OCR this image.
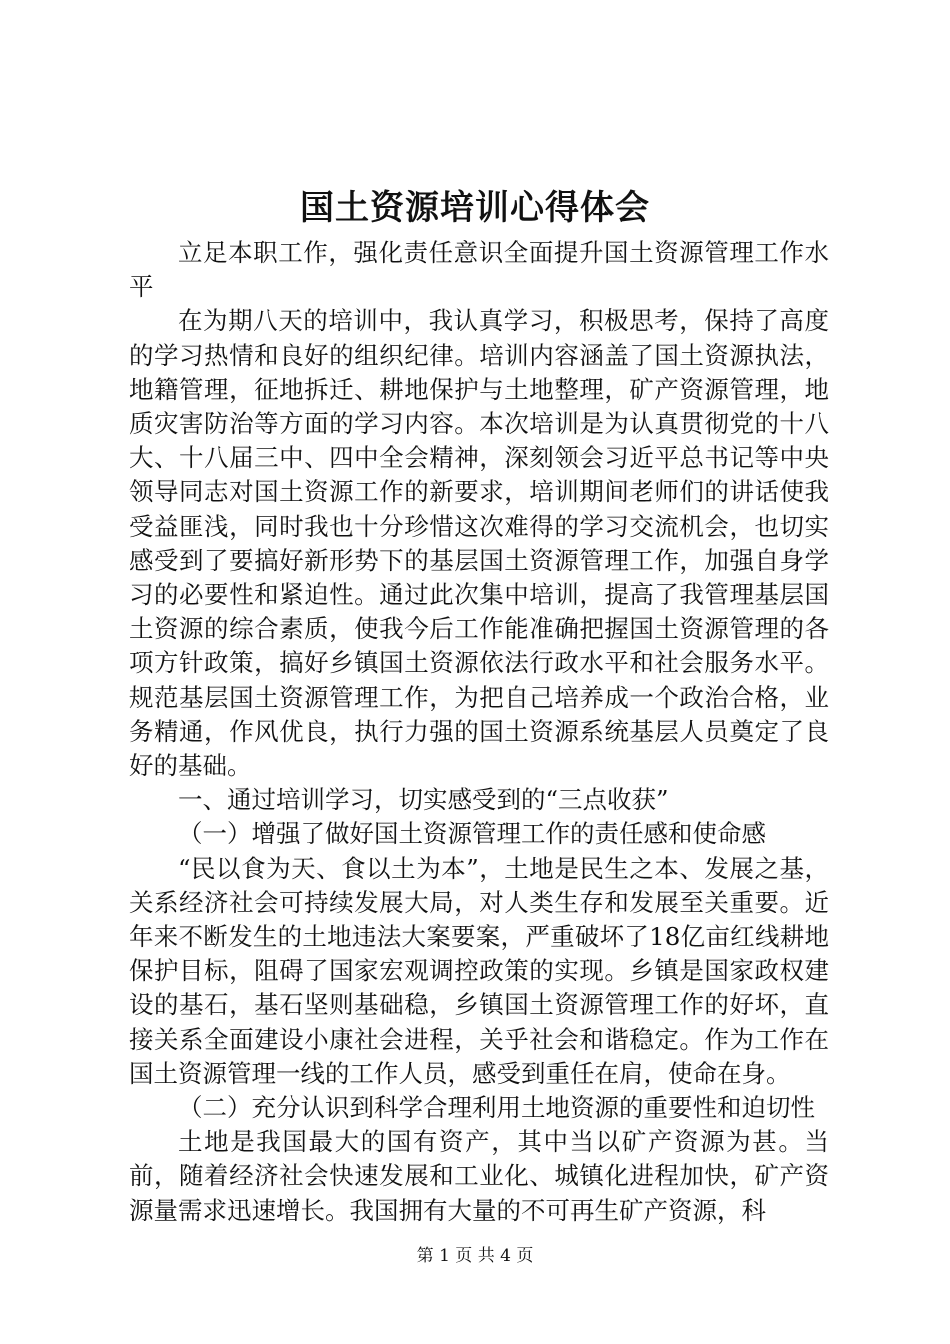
国土资源培训心得体会

立足本职工作，强化责任意识全面提升国土资源管理工作水平

在为期八天的培训中，我认真学习，积极思考，保持了高度的学习热情和良好的组织纪律。培训内容涵盖了国土资源执法，地籍管理，征地拆迁、耕地保护与土地整理，矿产资源管理，地质灾害防治等方面的学习内容。本次培训是为认真贯彻党的十八大、十八届三中、四中全会精神，深刻领会习近平总书记等中央领导同志对国土资源工作的新要求，培训期间老师们的讲话使我受益匪浅，同时我也十分珍惜这次难得的学习交流机会，也切实感受到了要搞好新形势下的基层国土资源管理工作，加强自身学习的必要性和紧迫性。通过此次集中培训，提高了我管理基层国土资源的综合素质，使我今后工作能准确把握国土资源管理的各项方针政策，搞好乡镇国土资源依法行政水平和社会服务水平。规范基层国土资源管理工作，为把自己培养成一个政治合格，业务精通，作风优良，执行力强的国土资源系统基层人员奠定了良好的基础。

一、通过培训学习，切实感受到的“三点收获”

（一）增强了做好国土资源管理工作的责任感和使命感

“民以食为天、食以土为本”，土地是民生之本、发展之基，关系经济社会可持续发展大局，对人类生存和发展至关重要。近年来不断发生的土地违法大案要案，严重破坏了18亿亩红线耕地保护目标，阻碍了国家宏观调控政策的实现。乡镇是国家政权建设的基石，基石坚则基础稳，乡镇国土资源管理工作的好坏，直接关系全面建设小康社会进程，关乎社会和谐稳定。作为工作在国土资源管理一线的工作人员，感受到重任在肩，使命在身。

（二）充分认识到科学合理利用土地资源的重要性和迫切性

土地是我国最大的国有资产，其中当以矿产资源为甚。当前，随着经济社会快速发展和工业化、城镇化进程加快，矿产资源量需求迅速增长。我国拥有大量的不可再生矿产资源，科

第 1 页 共 4 页
